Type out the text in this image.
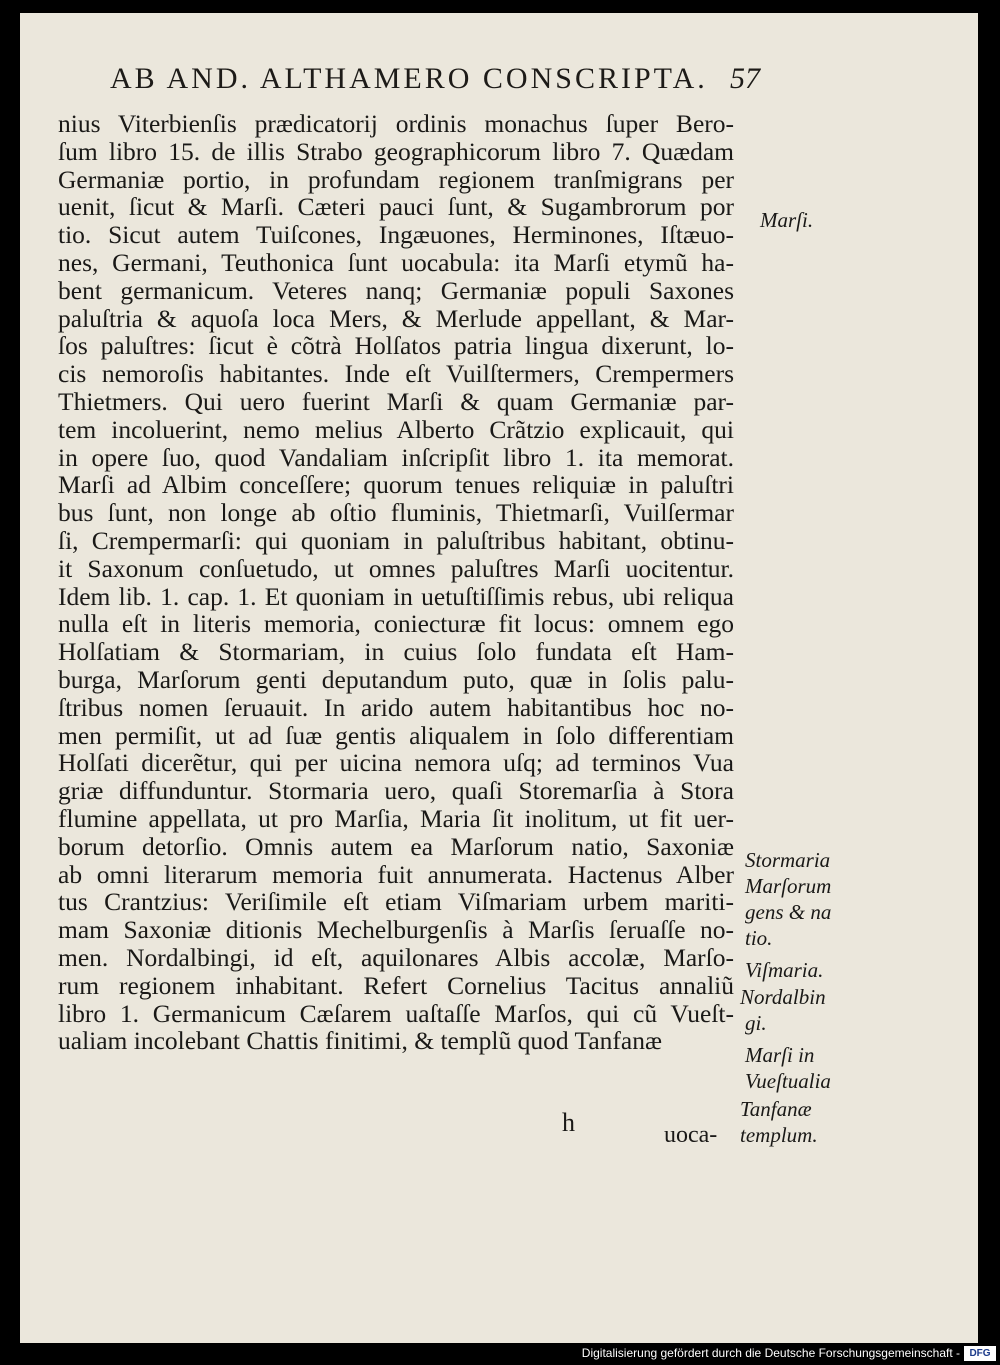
AB AND. ALTHAMERO CONSCRIPTA. 57
nius Viterbienſis prædicatorij ordinis monachus ſuper Bero-
ſum libro 15. de illis Strabo geographicorum libro 7. Quædam
Germaniæ portio, in profundam regionem tranſmigrans per
uenit, ſicut & Marſi. Cæteri pauci ſunt, & Sugambrorum por
tio. Sicut autem Tuiſcones, Ingæuones, Herminones, Iſtæuo-
nes, Germani, Teuthonica ſunt uocabula: ita Marſi etymũ ha-
bent germanicum. Veteres nanq; Germaniæ populi Saxones
paluſtria & aquoſa loca Mers, & Merlude appellant, & Mar-
ſos paluſtres: ſicut è cõtrà Holſatos patria lingua dixerunt, lo-
cis nemoroſis habitantes. Inde eſt Vuilſtermers, Crempermers
Thietmers. Qui uero fuerint Marſi & quam Germaniæ par-
tem incoluerint, nemo melius Alberto Crãtzio explicauit, qui
in opere ſuo, quod Vandaliam inſcripſit libro 1. ita memorat.
Marſi ad Albim conceſſere; quorum tenues reliquiæ in paluſtri
bus ſunt, non longe ab oſtio fluminis, Thietmarſi, Vuilſermar
ſi, Crempermarſi: qui quoniam in paluſtribus habitant, obtinu-
it Saxonum conſuetudo, ut omnes paluſtres Marſi uocitentur.
Idem lib. 1. cap. 1. Et quoniam in uetuſtiſſimis rebus, ubi reliqua
nulla eſt in literis memoria, coniecturæ fit locus: omnem ego
Holſatiam & Stormariam, in cuius ſolo fundata eſt Ham-
burga, Marſorum genti deputandum puto, quæ in ſolis palu-
ſtribus nomen ſeruauit. In arido autem habitantibus hoc no-
men permiſit, ut ad ſuæ gentis aliqualem in ſolo differentiam
Holſati dicerẽtur, qui per uicina nemora uſq; ad terminos Vua
griæ diffunduntur. Stormaria uero, quaſi Storemarſia à Stora
flumine appellata, ut pro Marſia, Maria ſit inolitum, ut fit uer-
borum detorſio. Omnis autem ea Marſorum natio, Saxoniæ
ab omni literarum memoria fuit annumerata. Hactenus Alber
tus Crantzius: Veriſimile eſt etiam Viſmariam urbem mariti-
mam Saxoniæ ditionis Mechelburgenſis à Marſis ſeruaſſe no-
men. Nordalbingi, id eſt, aquilonares Albis accolæ, Marſo-
rum regionem inhabitant. Refert Cornelius Tacitus annaliũ
libro 1. Germanicum Cæſarem uaſtaſſe Marſos, qui cũ Vueſt-
ualiam incolebant Chattis finitimi, & templũ quod Tanfanæ
Marſi.
Stormaria
Marſorum
gens & na
tio.
Viſmaria.
Nordalbin
gi.
Marſi in
Vueſtualia
Tanfanæ
templum.
h	uoca-
Digitalisierung gefördert durch die Deutsche Forschungsgemeinschaft - DFG
